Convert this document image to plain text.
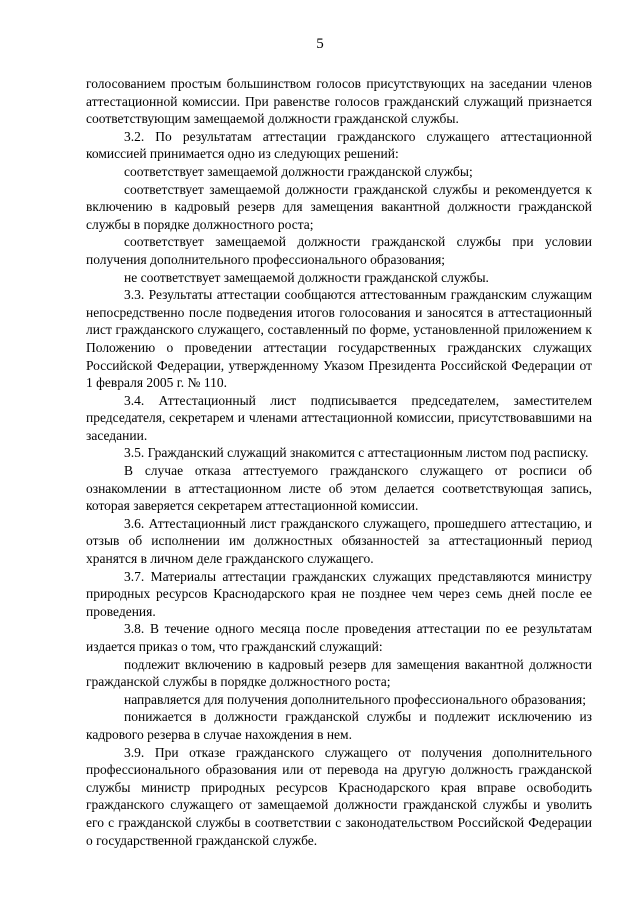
5

голосованием простым большинством голосов присутствующих на заседании членов аттестационной комиссии. При равенстве голосов гражданский служащий признается соответствующим замещаемой должности гражданской службы.

3.2. По результатам аттестации гражданского служащего аттестационной комиссией принимается одно из следующих решений:

соответствует замещаемой должности гражданской службы;

соответствует замещаемой должности гражданской службы и рекомендуется к включению в кадровый резерв для замещения вакантной должности гражданской службы в порядке должностного роста;

соответствует замещаемой должности гражданской службы при условии получения дополнительного профессионального образования;

не соответствует замещаемой должности гражданской службы.

3.3. Результаты аттестации сообщаются аттестованным гражданским служащим непосредственно после подведения итогов голосования и заносятся в аттестационный лист гражданского служащего, составленный по форме, установленной приложением к Положению о проведении аттестации государственных гражданских служащих Российской Федерации, утвержденному Указом Президента Российской Федерации от 1 февраля 2005 г. № 110.

3.4. Аттестационный лист подписывается председателем, заместителем председателя, секретарем и членами аттестационной комиссии, присутствовавшими на заседании.

3.5. Гражданский служащий знакомится с аттестационным листом под расписку.

В случае отказа аттестуемого гражданского служащего от росписи об ознакомлении в аттестационном листе об этом делается соответствующая запись, которая заверяется секретарем аттестационной комиссии.

3.6. Аттестационный лист гражданского служащего, прошедшего аттестацию, и отзыв об исполнении им должностных обязанностей за аттестационный период хранятся в личном деле гражданского служащего.

3.7. Материалы аттестации гражданских служащих представляются министру природных ресурсов Краснодарского края не позднее чем через семь дней после ее проведения.

3.8. В течение одного месяца после проведения аттестации по ее результатам издается приказ о том, что гражданский служащий:

подлежит включению в кадровый резерв для замещения вакантной должности гражданской службы в порядке должностного роста;

направляется для получения дополнительного профессионального образования;

понижается в должности гражданской службы и подлежит исключению из кадрового резерва в случае нахождения в нем.

3.9. При отказе гражданского служащего от получения дополнительного профессионального образования или от перевода на другую должность гражданской службы министр природных ресурсов Краснодарского края вправе освободить гражданского служащего от замещаемой должности гражданской службы и уволить его с гражданской службы в соответствии с законодательством Российской Федерации о государственной гражданской службе.
